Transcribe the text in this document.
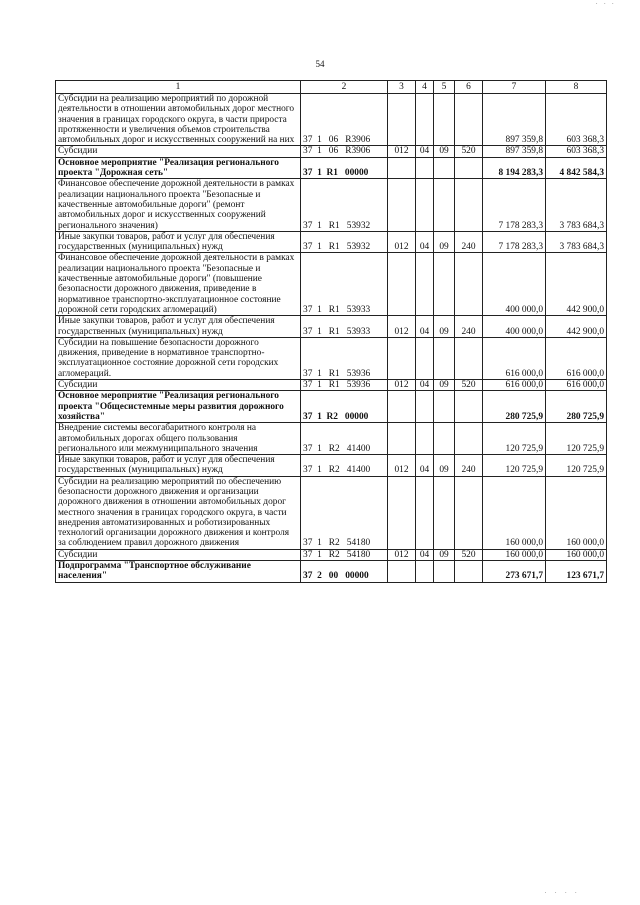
· · ·
54
1	2	3	4	5	6	7	8
Субсидии на реализацию мероприятий по дорожной деятельности в отношении автомобильных дорог местного значения в границах городского округа, в части прироста протяженности и увеличения объемов строительства автомобильных дорог и искусственных сооружений на них	37  1   06   R3906					897 359,8	603 368,3
Субсидии	37  1   06   R3906	012	04	09	520	897 359,8	603 368,3
Основное мероприятие "Реализация регионального проекта "Дорожная сеть"	37  1  R1   00000					8 194 283,3	4 842 584,3
Финансовое обеспечение дорожной деятельности в рамках реализации национального проекта "Безопасные и качественные автомобильные дороги" (ремонт автомобильных дорог и искусственных сооружений регионального значения)	37  1   R1   53932					7 178 283,3	3 783 684,3
Иные закупки товаров, работ и услуг для обеспечения государственных (муниципальных) нужд	37  1   R1   53932	012	04	09	240	7 178 283,3	3 783 684,3
Финансовое обеспечение дорожной деятельности в рамках реализации национального проекта "Безопасные и качественные автомобильные дороги" (повышение безопасности дорожного движения, приведение в нормативное транспортно-эксплуатационное состояние дорожной сети городских агломераций)	37  1   R1   53933					400 000,0	442 900,0
Иные закупки товаров, работ и услуг для обеспечения государственных (муниципальных) нужд	37  1   R1   53933	012	04	09	240	400 000,0	442 900,0
Субсидии на повышение безопасности дорожного движения, приведение в нормативное транспортно-эксплуатационное состояние дорожной сети городских агломераций.	37  1   R1   53936					616 000,0	616 000,0
Субсидии	37  1   R1   53936	012	04	09	520	616 000,0	616 000,0
Основное мероприятие "Реализация регионального проекта "Общесистемные меры развития дорожного хозяйства"	37  1  R2   00000					280 725,9	280 725,9
Внедрение системы весогабаритного контроля на автомобильных дорогах общего пользования регионального или межмуниципального значения	37  1   R2   41400					120 725,9	120 725,9
Иные закупки товаров, работ и услуг для обеспечения государственных (муниципальных) нужд	37  1   R2   41400	012	04	09	240	120 725,9	120 725,9
Субсидии на реализацию мероприятий по обеспечению безопасности дорожного движения и организации дорожного движения в отношении автомобильных дорог местного значения в границах городского округа, в части внедрения автоматизированных и роботизированных технологий организации дорожного движения и контроля за соблюдением правил дорожного движения	37  1   R2   54180					160 000,0	160 000,0
Субсидии	37  1   R2   54180	012	04	09	520	160 000,0	160 000,0
Подпрограмма "Транспортное обслуживание населения"	37  2   00   00000					273 671,7	123 671,7
· · · ·
